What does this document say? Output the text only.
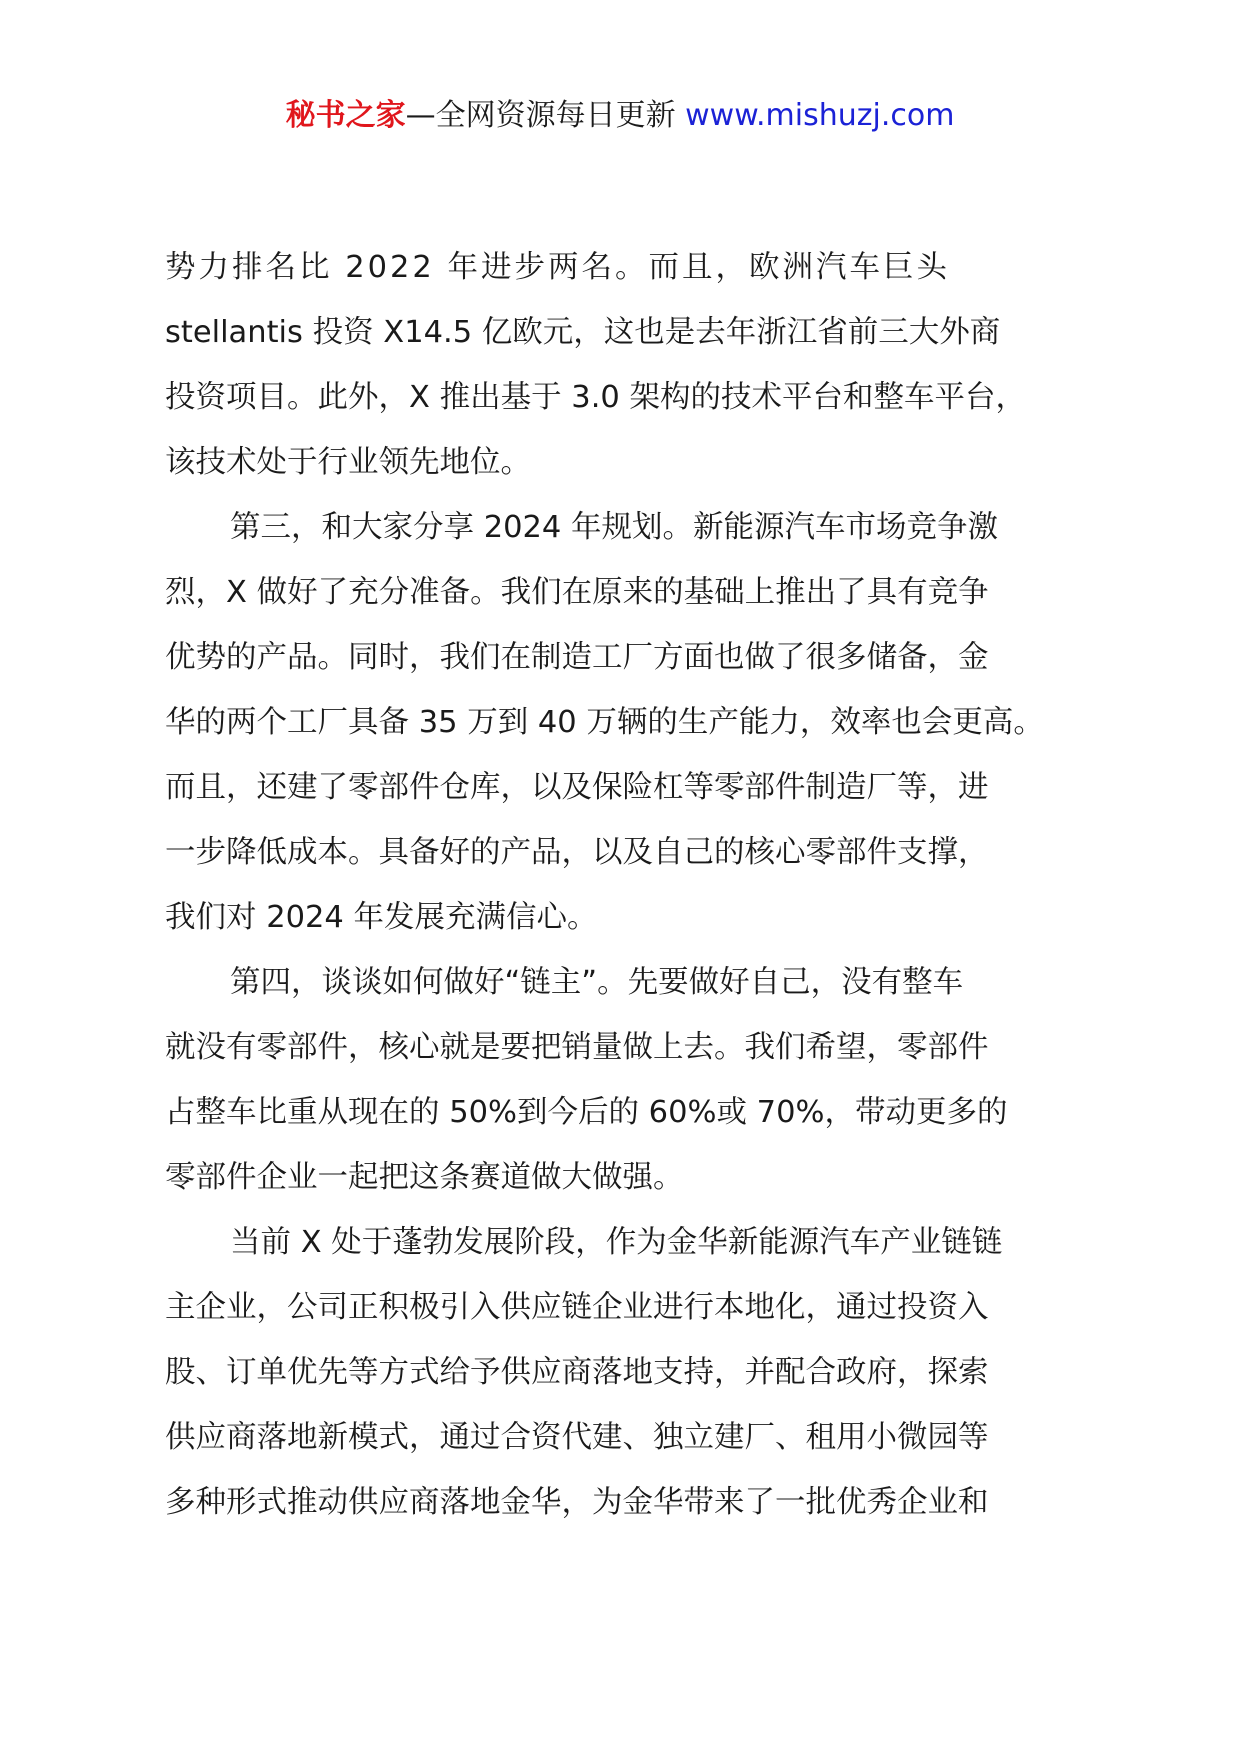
秘书之家—全网资源每日更新 www.mishuzj.com

势力排名比 2022 年进步两名。而且，欧洲汽车巨头
stellantis 投资 X14.5 亿欧元，这也是去年浙江省前三大外商
投资项目。此外，X 推出基于 3.0 架构的技术平台和整车平台，
该技术处于行业领先地位。

第三，和大家分享 2024 年规划。新能源汽车市场竞争激
烈，X 做好了充分准备。我们在原来的基础上推出了具有竞争
优势的产品。同时，我们在制造工厂方面也做了很多储备，金
华的两个工厂具备 35 万到 40 万辆的生产能力，效率也会更高。
而且，还建了零部件仓库，以及保险杠等零部件制造厂等，进
一步降低成本。具备好的产品，以及自己的核心零部件支撑，
我们对 2024 年发展充满信心。

第四，谈谈如何做好“链主”。先要做好自己，没有整车
就没有零部件，核心就是要把销量做上去。我们希望，零部件
占整车比重从现在的 50%到今后的 60%或 70%，带动更多的
零部件企业一起把这条赛道做大做强。

当前 X 处于蓬勃发展阶段，作为金华新能源汽车产业链链
主企业，公司正积极引入供应链企业进行本地化，通过投资入
股、订单优先等方式给予供应商落地支持，并配合政府，探索
供应商落地新模式，通过合资代建、独立建厂、租用小微园等
多种形式推动供应商落地金华，为金华带来了一批优秀企业和
